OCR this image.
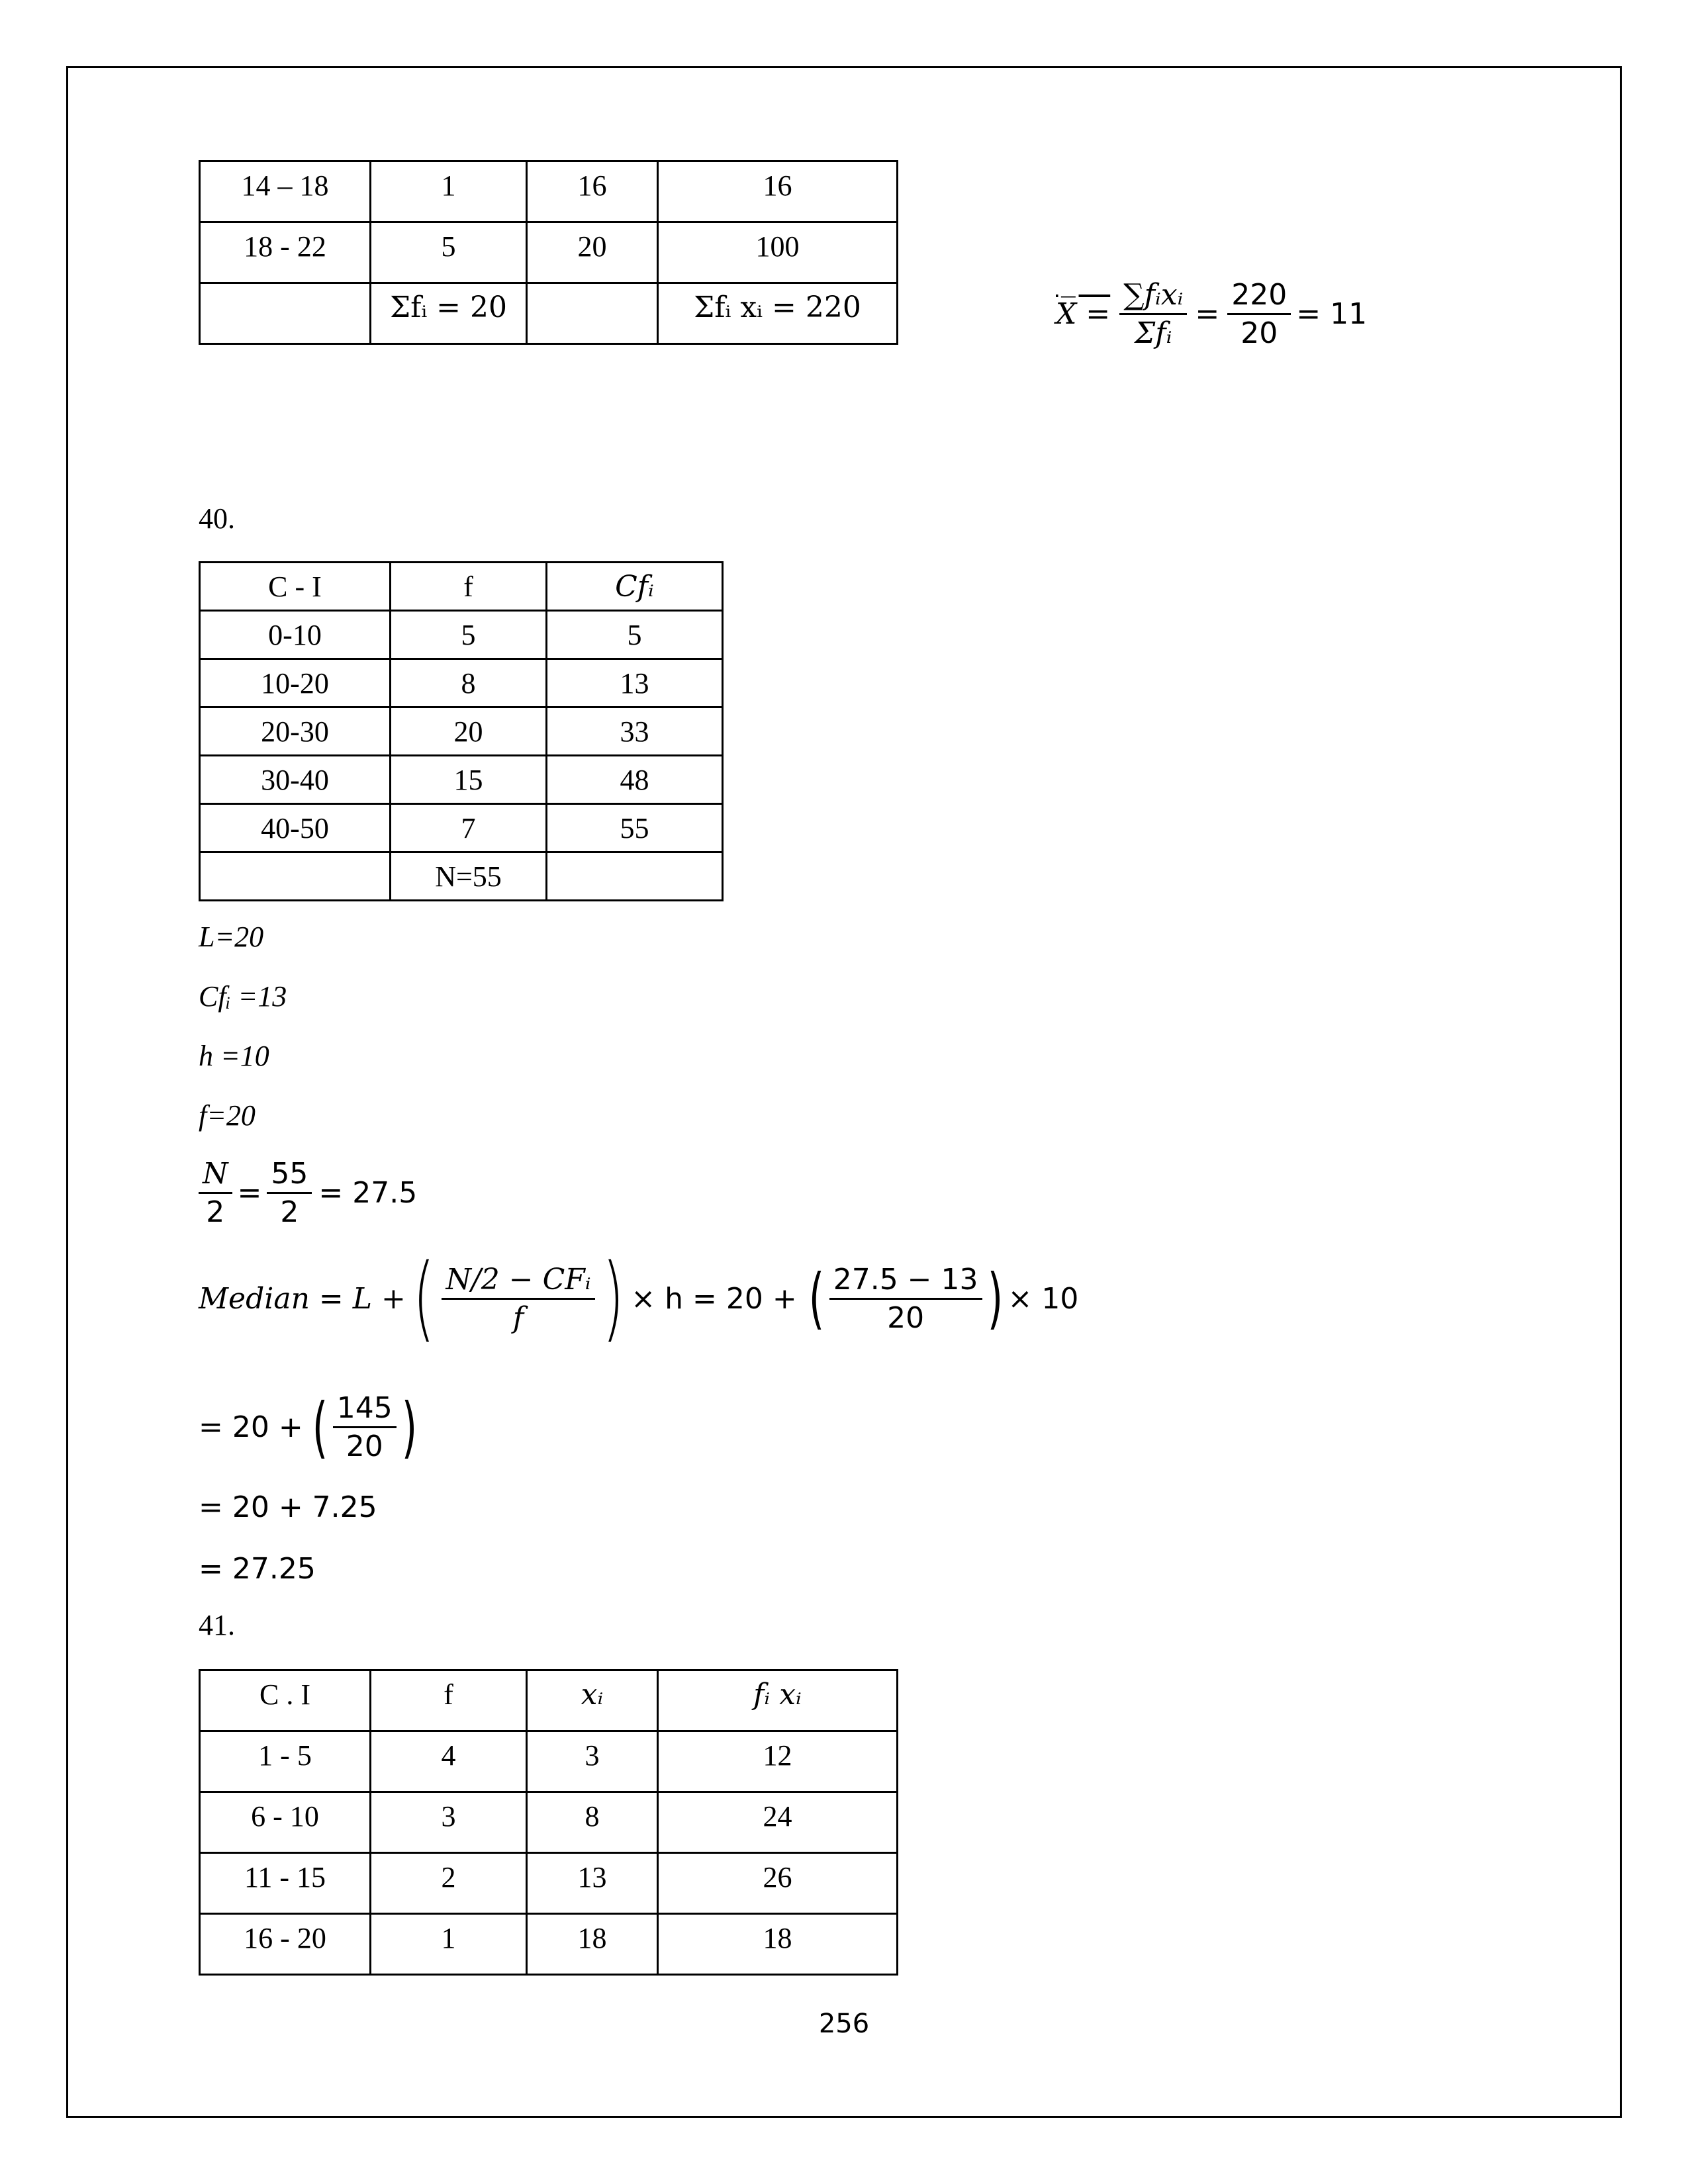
14 – 18	1	16	16
18 - 22	5	20	100
	Σfᵢ = 20		Σfᵢ xᵢ = 220	X̅ = $\frac{\text{∑fᵢxᵢ}}{\text{Σfᵢ}} = \frac{220}{20} = 11$
40.
C - I	f	Cfᵢ
0-10	5	5
10-20	8	13
20-30	20	33
30-40	15	48
40-50	7	55
	N=55	
L=20
Cfᵢ =13
h =10
f=20
$\frac{N}{2} = \frac{55}{2} = 27.5$
Median = L + ( $\frac{\text{N/2 − CFᵢ}}{f}$ ) × h = 20 + ( $\frac{27.5 - 13}{20}$ ) × 10
= 20 + ( $\frac{145}{20}$ )
= 20 + 7.25
= 27.25
41.
C . I	f	xᵢ	fᵢ xᵢ
1 - 5	4	3	12
6 - 10	3	8	24
11 - 15	2	13	26
16 - 20	1	18	18
256
